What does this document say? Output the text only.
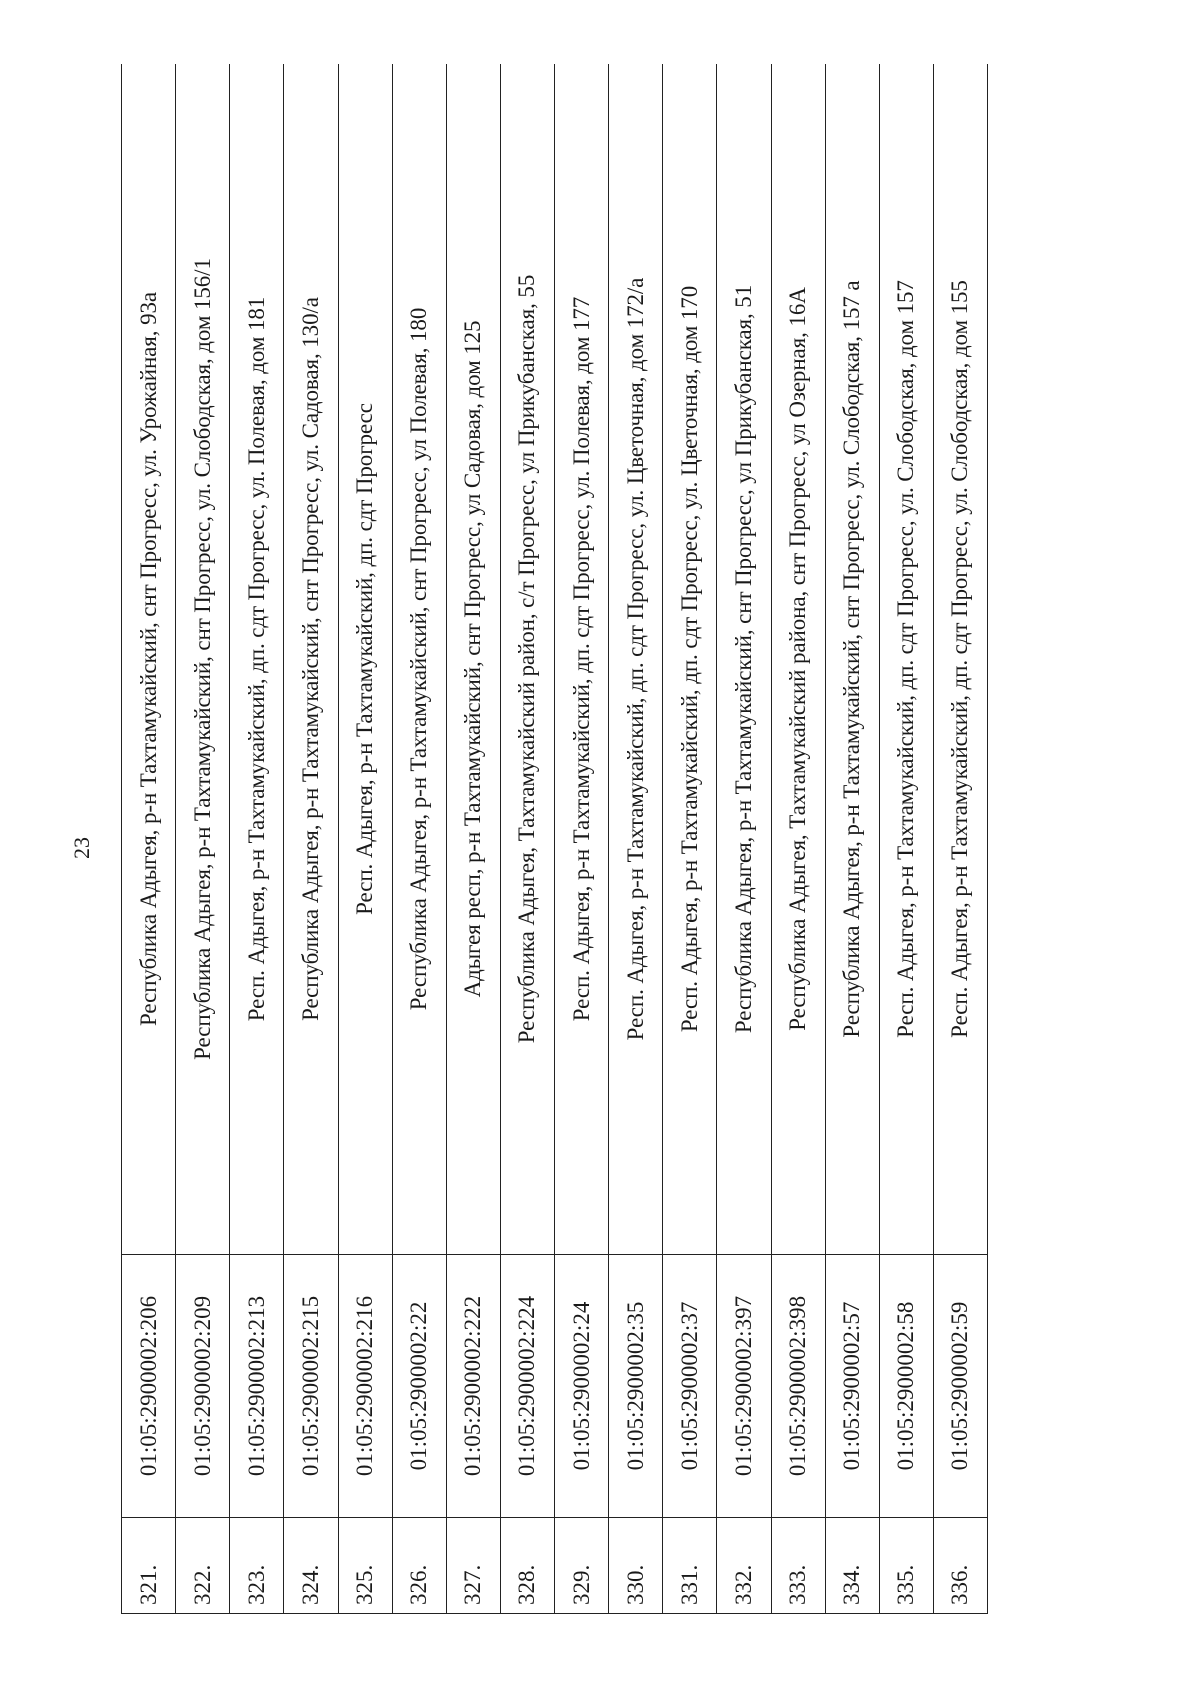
23
321.	01:05:2900002:206	Республика Адыгея, р-н Тахтамукайский, снт Прогресс, ул. Урожайная, 93а
322.	01:05:2900002:209	Республика Адыгея, р-н Тахтамукайский, снт Прогресс, ул. Слободская, дом 156/1
323.	01:05:2900002:213	Респ. Адыгея, р-н Тахтамукайский, дп. сдт Прогресс, ул. Полевая, дом 181
324.	01:05:2900002:215	Республика Адыгея, р-н Тахтамукайский, снт Прогресс, ул. Садовая, 130/а
325.	01:05:2900002:216	Респ. Адыгея, р-н Тахтамукайский, дп. сдт Прогресс
326.	01:05:2900002:22	Республика Адыгея, р-н Тахтамукайский, снт Прогресс, ул Полевая, 180
327.	01:05:2900002:222	Адыгея респ, р-н Тахтамукайский, снт Прогресс, ул Садовая, дом 125
328.	01:05:2900002:224	Республика Адыгея, Тахтамукайский район, с/т Прогресс, ул Прикубанская, 55
329.	01:05:2900002:24	Респ. Адыгея, р-н Тахтамукайский, дп. сдт Прогресс, ул. Полевая, дом 177
330.	01:05:2900002:35	Респ. Адыгея, р-н Тахтамукайский, дп. сдт Прогресс, ул. Цветочная, дом 172/а
331.	01:05:2900002:37	Респ. Адыгея, р-н Тахтамукайский, дп. сдт Прогресс, ул. Цветочная, дом 170
332.	01:05:2900002:397	Республика Адыгея, р-н Тахтамукайский, снт Прогресс, ул Прикубанская, 51
333.	01:05:2900002:398	Республика Адыгея, Тахтамукайский района, снт Прогресс, ул Озерная, 16А
334.	01:05:2900002:57	Республика Адыгея, р-н Тахтамукайский, снт Прогресс, ул. Слободская, 157 а
335.	01:05:2900002:58	Респ. Адыгея, р-н Тахтамукайский, дп. сдт Прогресс, ул. Слободская, дом 157
336.	01:05:2900002:59	Респ. Адыгея, р-н Тахтамукайский, дп. сдт Прогресс, ул. Слободская, дом 155
